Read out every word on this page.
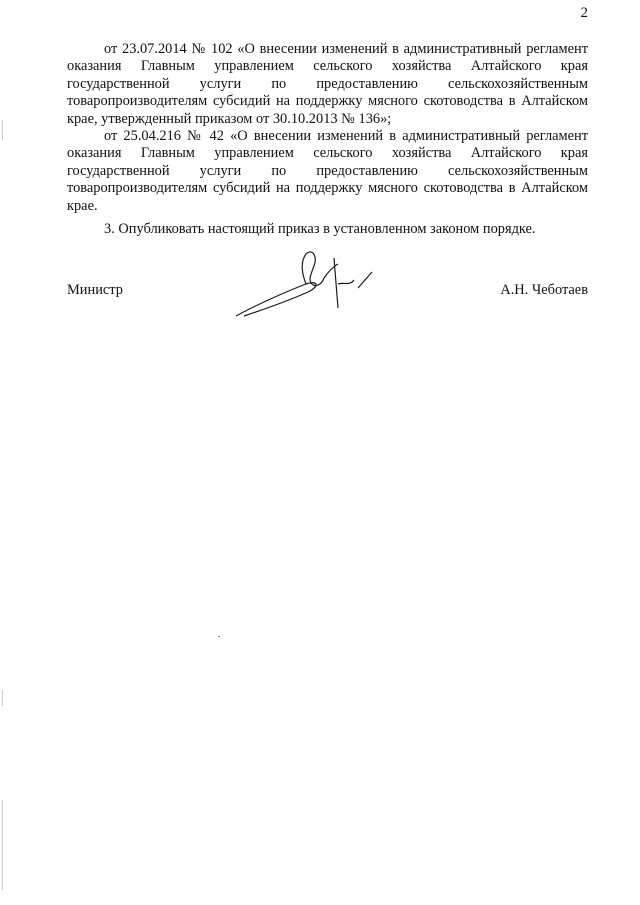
2

от 23.07.2014 № 102 «О внесении изменений в административный регламент оказания Главным управлением сельского хозяйства Алтайского края государственной услуги по предоставлению сельскохозяйственным товаропроизводителям субсидий на поддержку мясного скотоводства в Алтайском крае, утвержденный приказом от 30.10.2013 № 136»;

от 25.04.216 № 42 «О внесении изменений в административный регламент оказания Главным управлением сельского хозяйства Алтайского края государственной услуги по предоставлению сельскохозяйственным товаропроизводителям субсидий на поддержку мясного скотоводства в Алтайском крае.

3. Опубликовать настоящий приказ в установленном законом порядке.

Министр	А.Н. Чеботаев
